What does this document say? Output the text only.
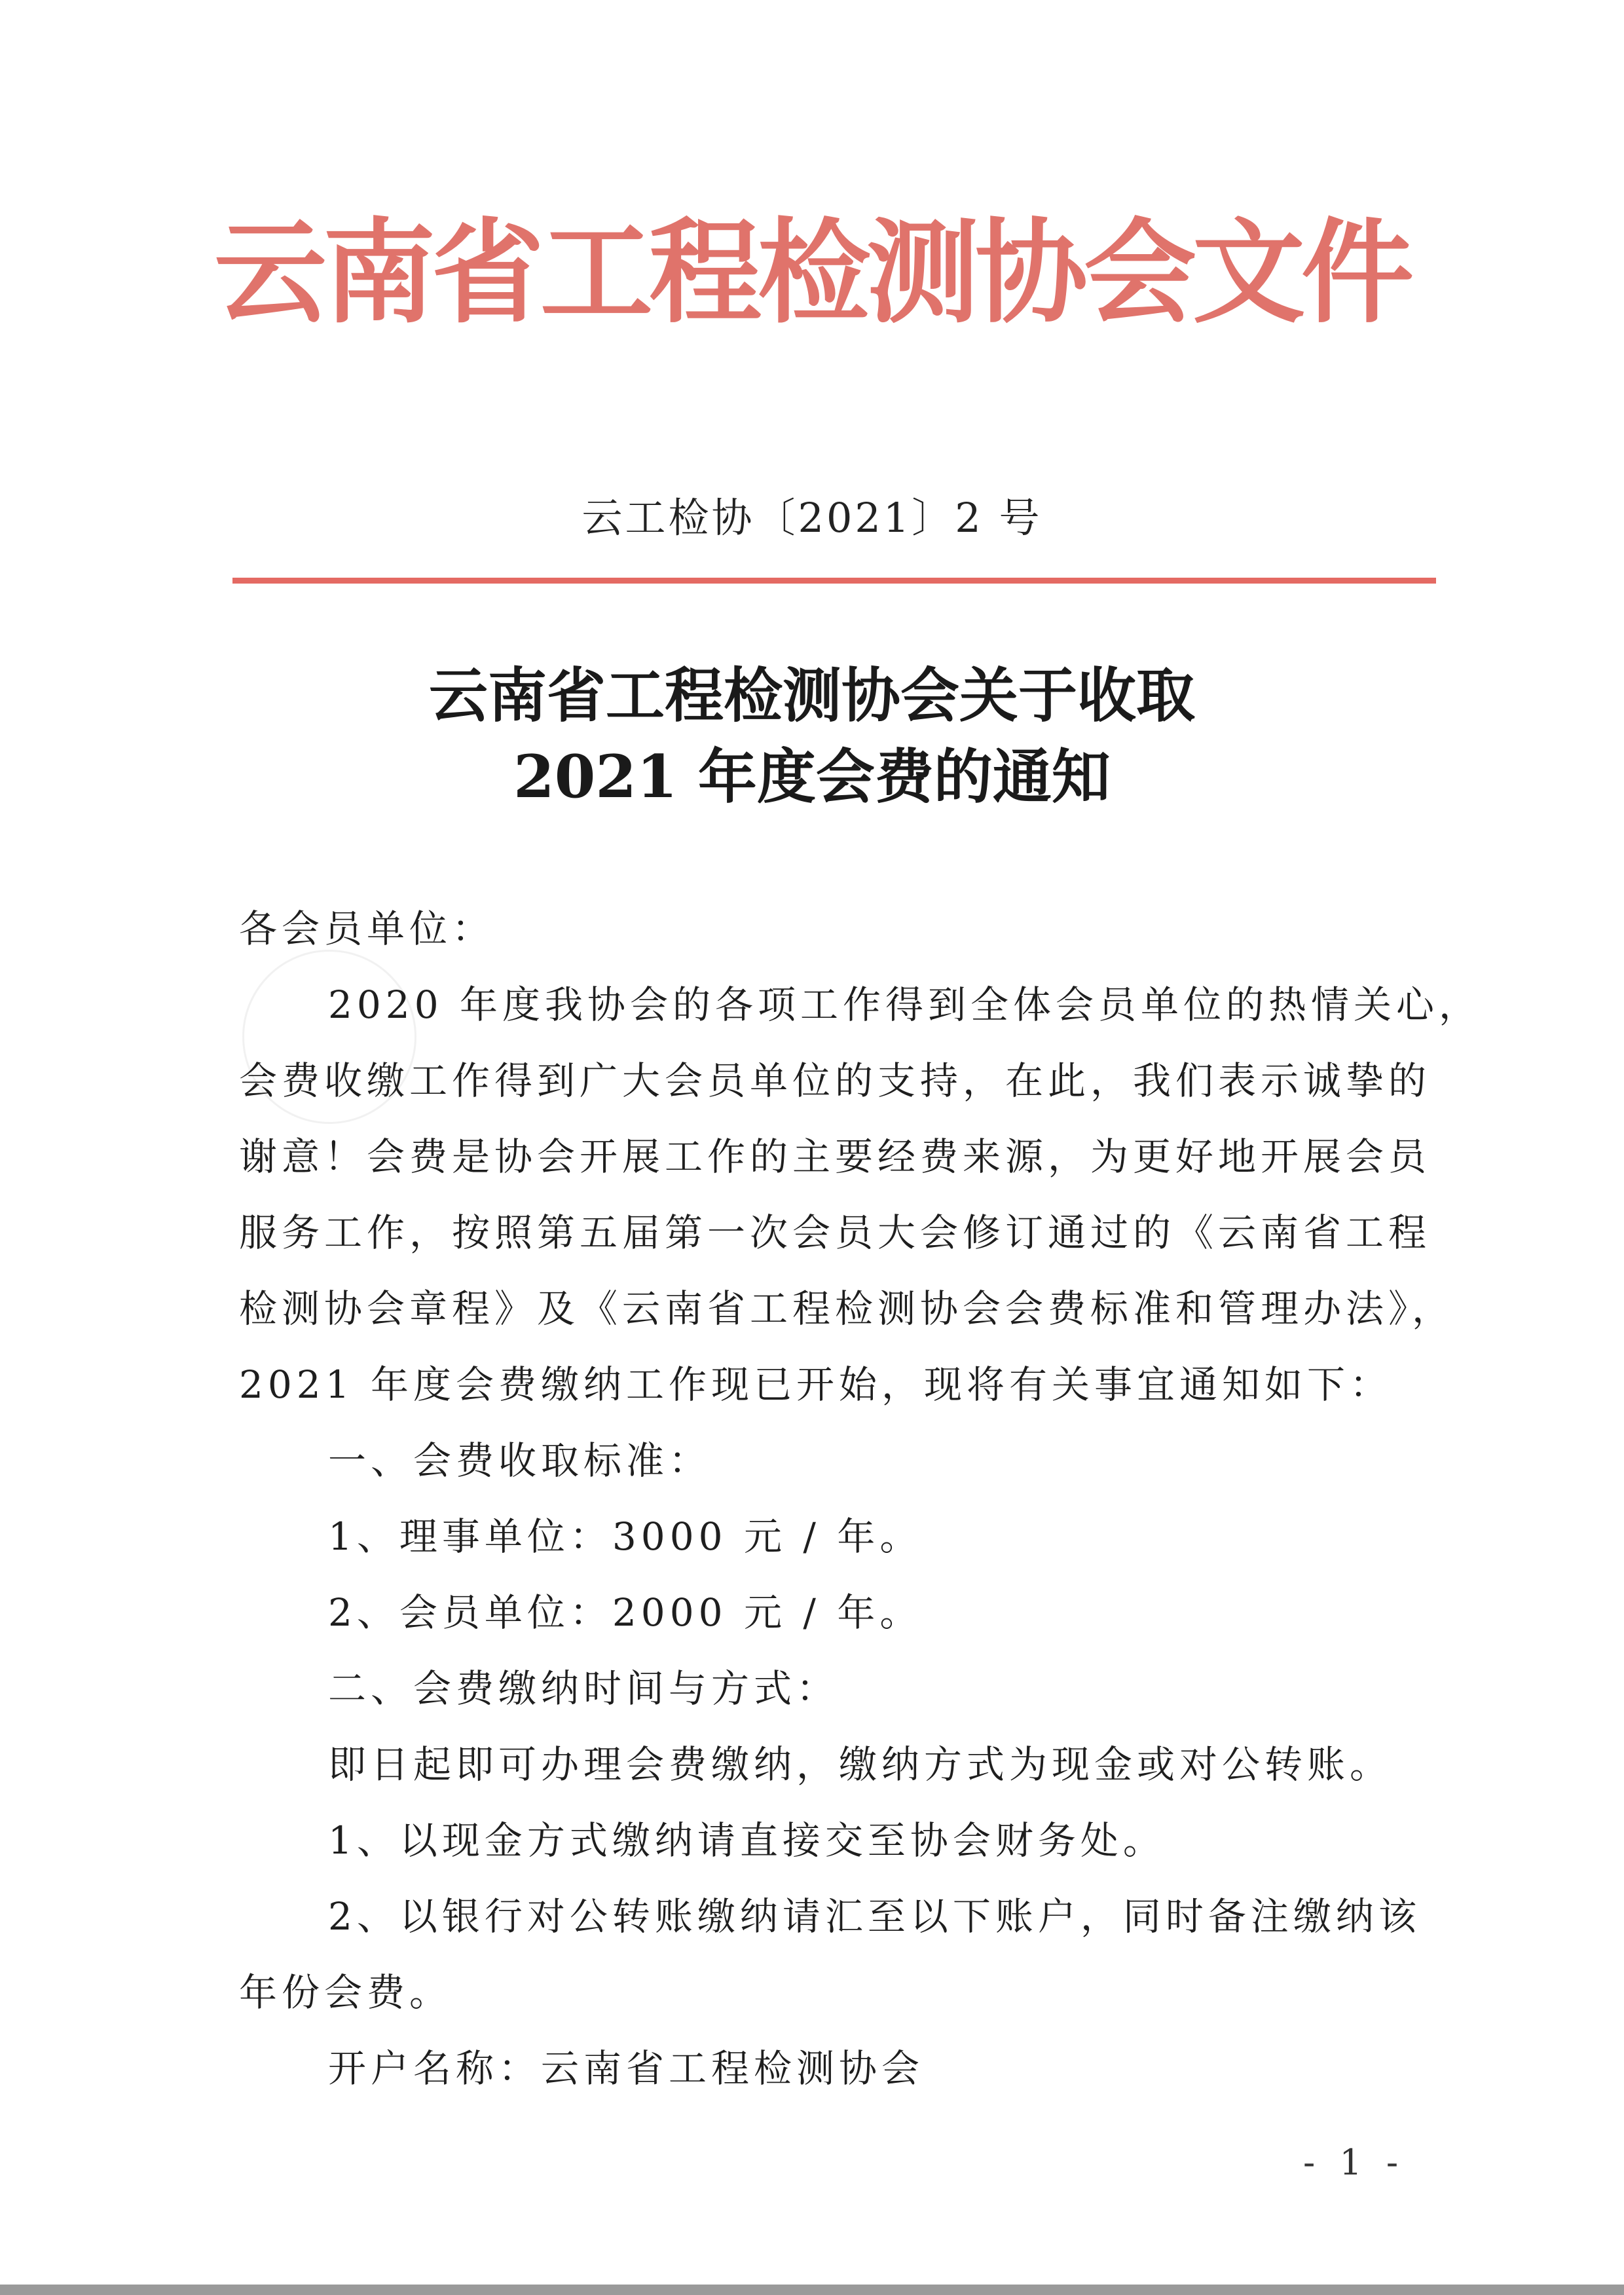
云南省工程检测协会文件
云工检协〔2021〕2 号
云南省工程检测协会关于收取
2021 年度会费的通知
各会员单位：
2020 年度我协会的各项工作得到全体会员单位的热情关心，
会费收缴工作得到广大会员单位的支持，在此，我们表示诚挚的
谢意！会费是协会开展工作的主要经费来源，为更好地开展会员
服务工作，按照第五届第一次会员大会修订通过的《云南省工程
检测协会章程》及《云南省工程检测协会会费标准和管理办法》，
2021 年度会费缴纳工作现已开始，现将有关事宜通知如下：
一、会费收取标准：
1、理事单位：3000 元 / 年。
2、会员单位：2000 元 / 年。
二、会费缴纳时间与方式：
即日起即可办理会费缴纳，缴纳方式为现金或对公转账。
1、以现金方式缴纳请直接交至协会财务处。
2、以银行对公转账缴纳请汇至以下账户，同时备注缴纳该
年份会费。
开户名称：云南省工程检测协会
- 1 -
